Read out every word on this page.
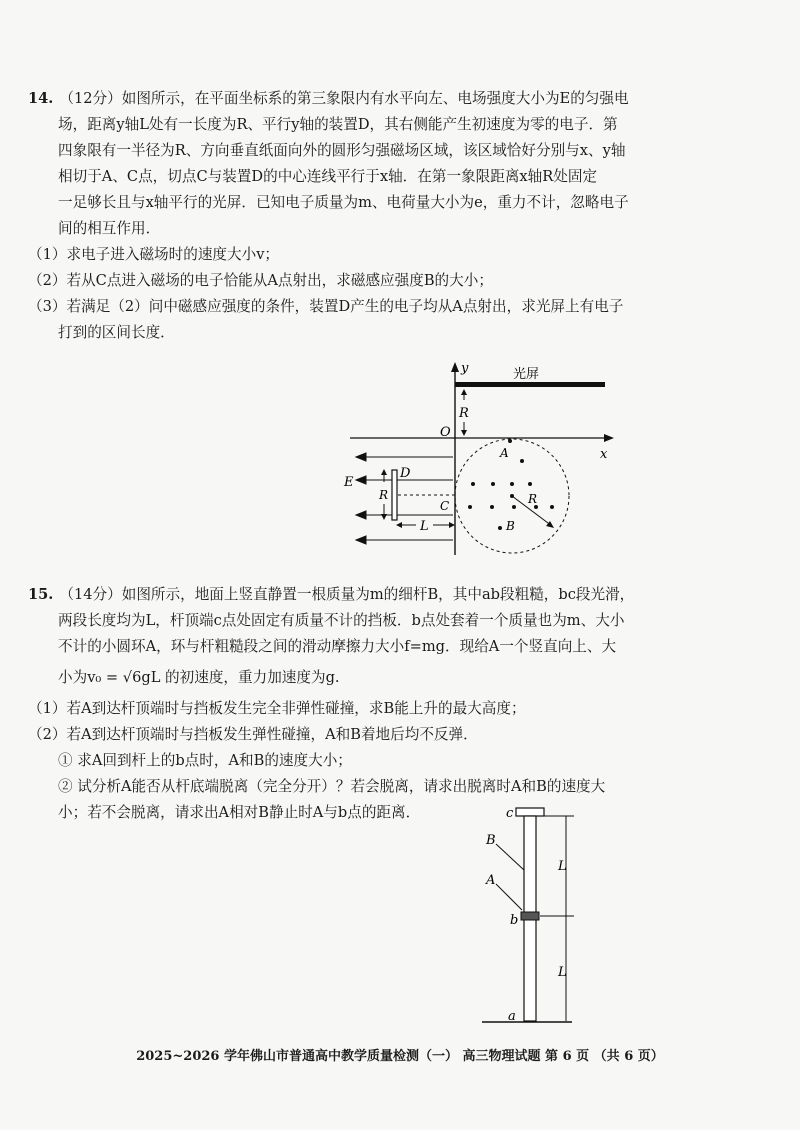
14. （12分）如图所示，在平面坐标系的第三象限内有水平向左、电场强度大小为E的匀强电
场，距离y轴L处有一长度为R、平行y轴的装置D，其右侧能产生初速度为零的电子．第
四象限有一半径为R、方向垂直纸面向外的圆形匀强磁场区域，该区域恰好分别与x、y轴
相切于A、C点，切点C与装置D的中心连线平行于x轴．在第一象限距离x轴R处固定
一足够长且与x轴平行的光屏．已知电子质量为m、电荷量大小为e，重力不计，忽略电子
间的相互作用．
（1）求电子进入磁场时的速度大小v；
（2）若从C点进入磁场的电子恰能从A点射出，求磁感应强度B的大小；
（3）若满足（2）问中磁感应强度的条件，装置D产生的电子均从A点射出，求光屏上有电子
打到的区间长度．
y
x
光屏
R
O
E
D
R
C
L
A
R
B
15. （14分）如图所示，地面上竖直静置一根质量为m的细杆B，其中ab段粗糙，bc段光滑，
两段长度均为L，杆顶端c点处固定有质量不计的挡板．b点处套着一个质量也为m、大小
不计的小圆环A，环与杆粗糙段之间的滑动摩擦力大小f=mg．现给A一个竖直向上、大
小为v₀ = √6gL 的初速度，重力加速度为g.
（1）若A到达杆顶端时与挡板发生完全非弹性碰撞，求B能上升的最大高度；
（2）若A到达杆顶端时与挡板发生弹性碰撞，A和B着地后均不反弹．
① 求A回到杆上的b点时，A和B的速度大小；
② 试分析A能否从杆底端脱离（完全分开）？若会脱离，请求出脱离时A和B的速度大
小；若不会脱离，请求出A相对B静止时A与b点的距离．	c
b
B
A
L
L
a
2025~2026 学年佛山市普通高中教学质量检测（一） 高三物理试题 第 6 页 （共 6 页）
